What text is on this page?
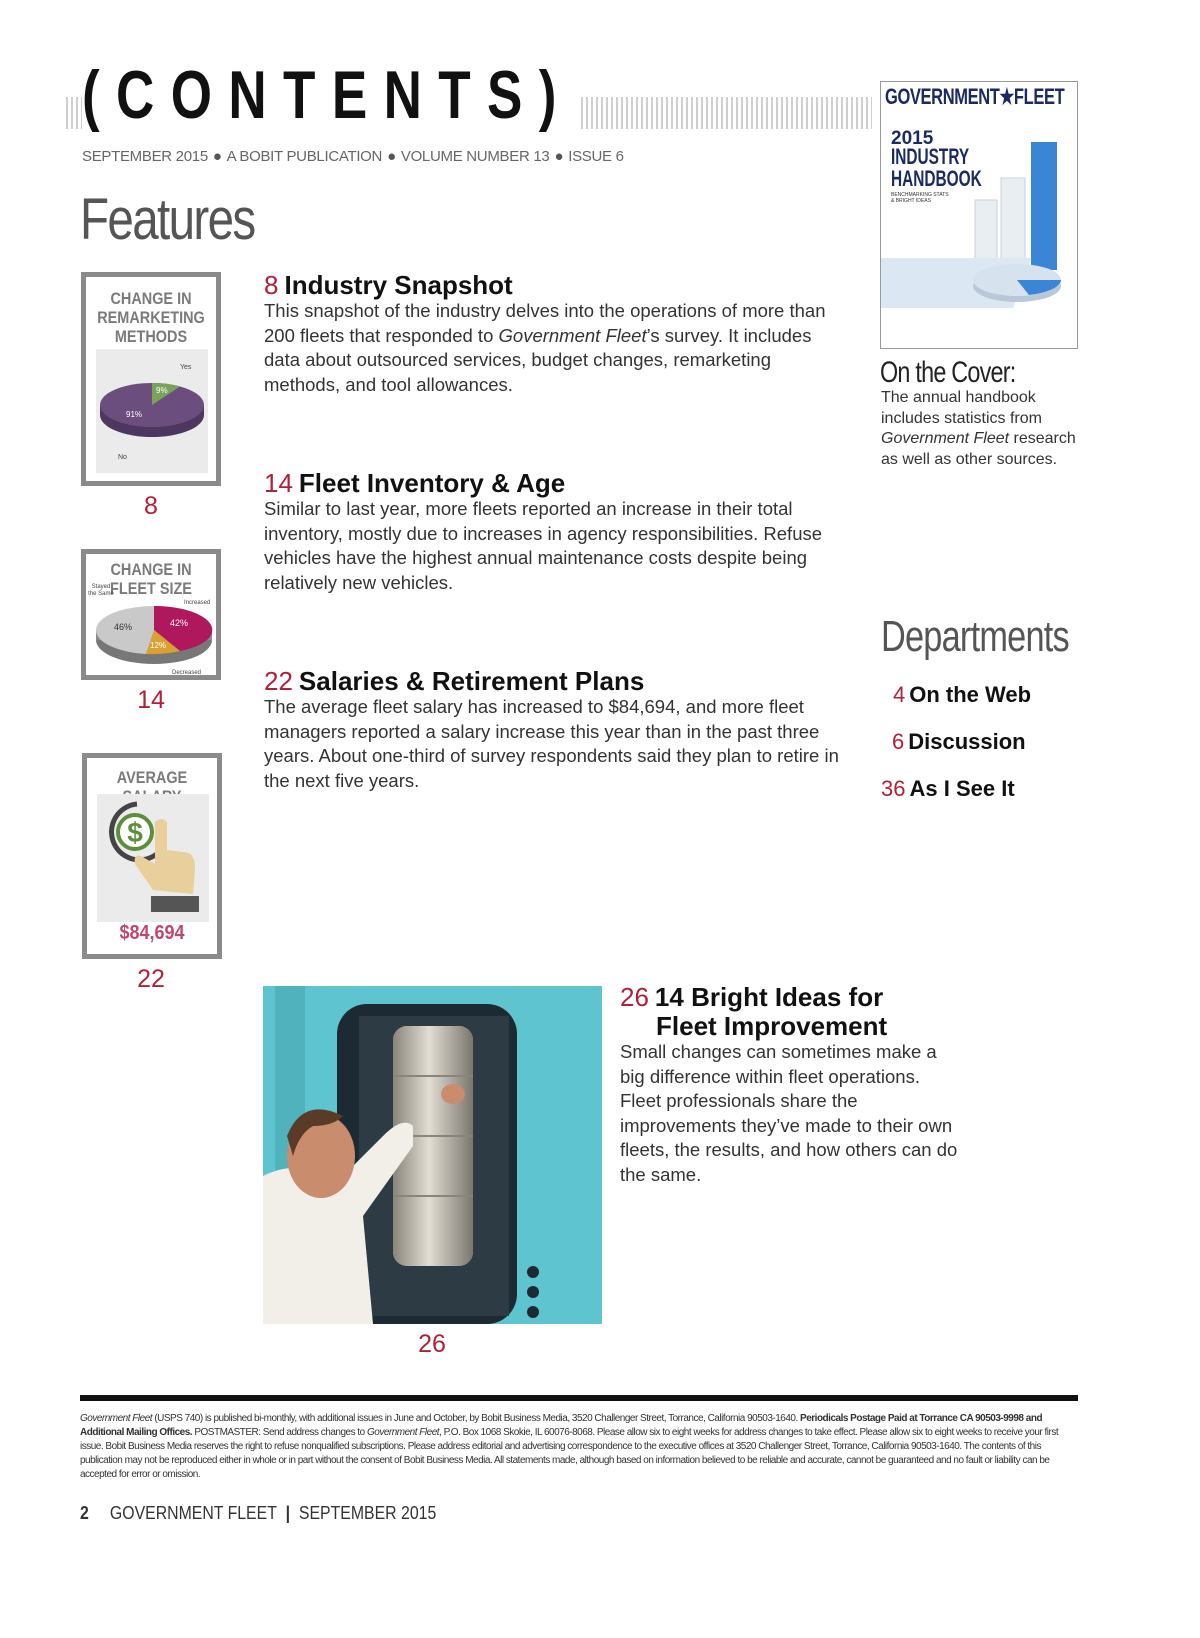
(CONTENTS)
SEPTEMBER 2015 ● A BOBIT PUBLICATION ● VOLUME NUMBER 13 ● ISSUE 6
Features
CHANGE IN
REMARKETING
METHODS
9%
91%
Yes
No
8
CHANGE IN
FLEET SIZE
42%
12%
46%
Increased
Decreased
Stayed the Same
14
AVERAGE
$
$84,694
22
8 Industry Snapshot
This snapshot of the industry delves into the operations of more than 200 fleets that responded to Government Fleet’s survey. It includes data about outsourced services, budget changes, remarketing methods, and tool allowances.
14 Fleet Inventory & Age
Similar to last year, more fleets reported an increase in their total inventory, mostly due to increases in agency responsibilities. Refuse vehicles have the highest annual maintenance costs despite being relatively new vehicles.
22 Salaries & Retirement Plans
The average fleet salary has increased to $84,694, and more fleet managers reported a salary increase this year than in the past three years. About one-third of survey respondents said they plan to retire in the next five years.
26
26 14 Bright Ideas for
Fleet Improvement
Small changes can sometimes make a big difference within fleet operations. Fleet professionals share the improvements they’ve made to their own fleets, the results, and how others can do the same.
GOVERNMENT★FLEET
2015
INDUSTRY
HANDBOOK
BENCHMARKING STATS & BRIGHT IDEAS
On the Cover:
The annual handbook includes statistics from Government Fleet research as well as other sources.
Departments
4 On the Web
6 Discussion
36 As I See It
Government Fleet (USPS 740) is published bi-monthly, with additional issues in June and October, by Bobit Business Media, 3520 Challenger Street, Torrance, California 90503-1640. Periodicals Postage Paid at Torrance CA 90503-9998 and Additional Mailing Offices. POSTMASTER: Send address changes to Government Fleet, P.O. Box 1068 Skokie, IL 60076-8068. Please allow six to eight weeks for address changes to take effect. Please allow six to eight weeks to receive your first issue. Bobit Business Media reserves the right to refuse nonqualified subscriptions. Please address editorial and advertising correspondence to the executive offices at 3520 Challenger Street, Torrance, California 90503-1640. The contents of this publication may not be reproduced either in whole or in part without the consent of Bobit Business Media. All statements made, although based on information believed to be reliable and accurate, cannot be guaranteed and no fault or liability can be accepted for error or omission.
2 GOVERNMENT FLEET | SEPTEMBER 2015
